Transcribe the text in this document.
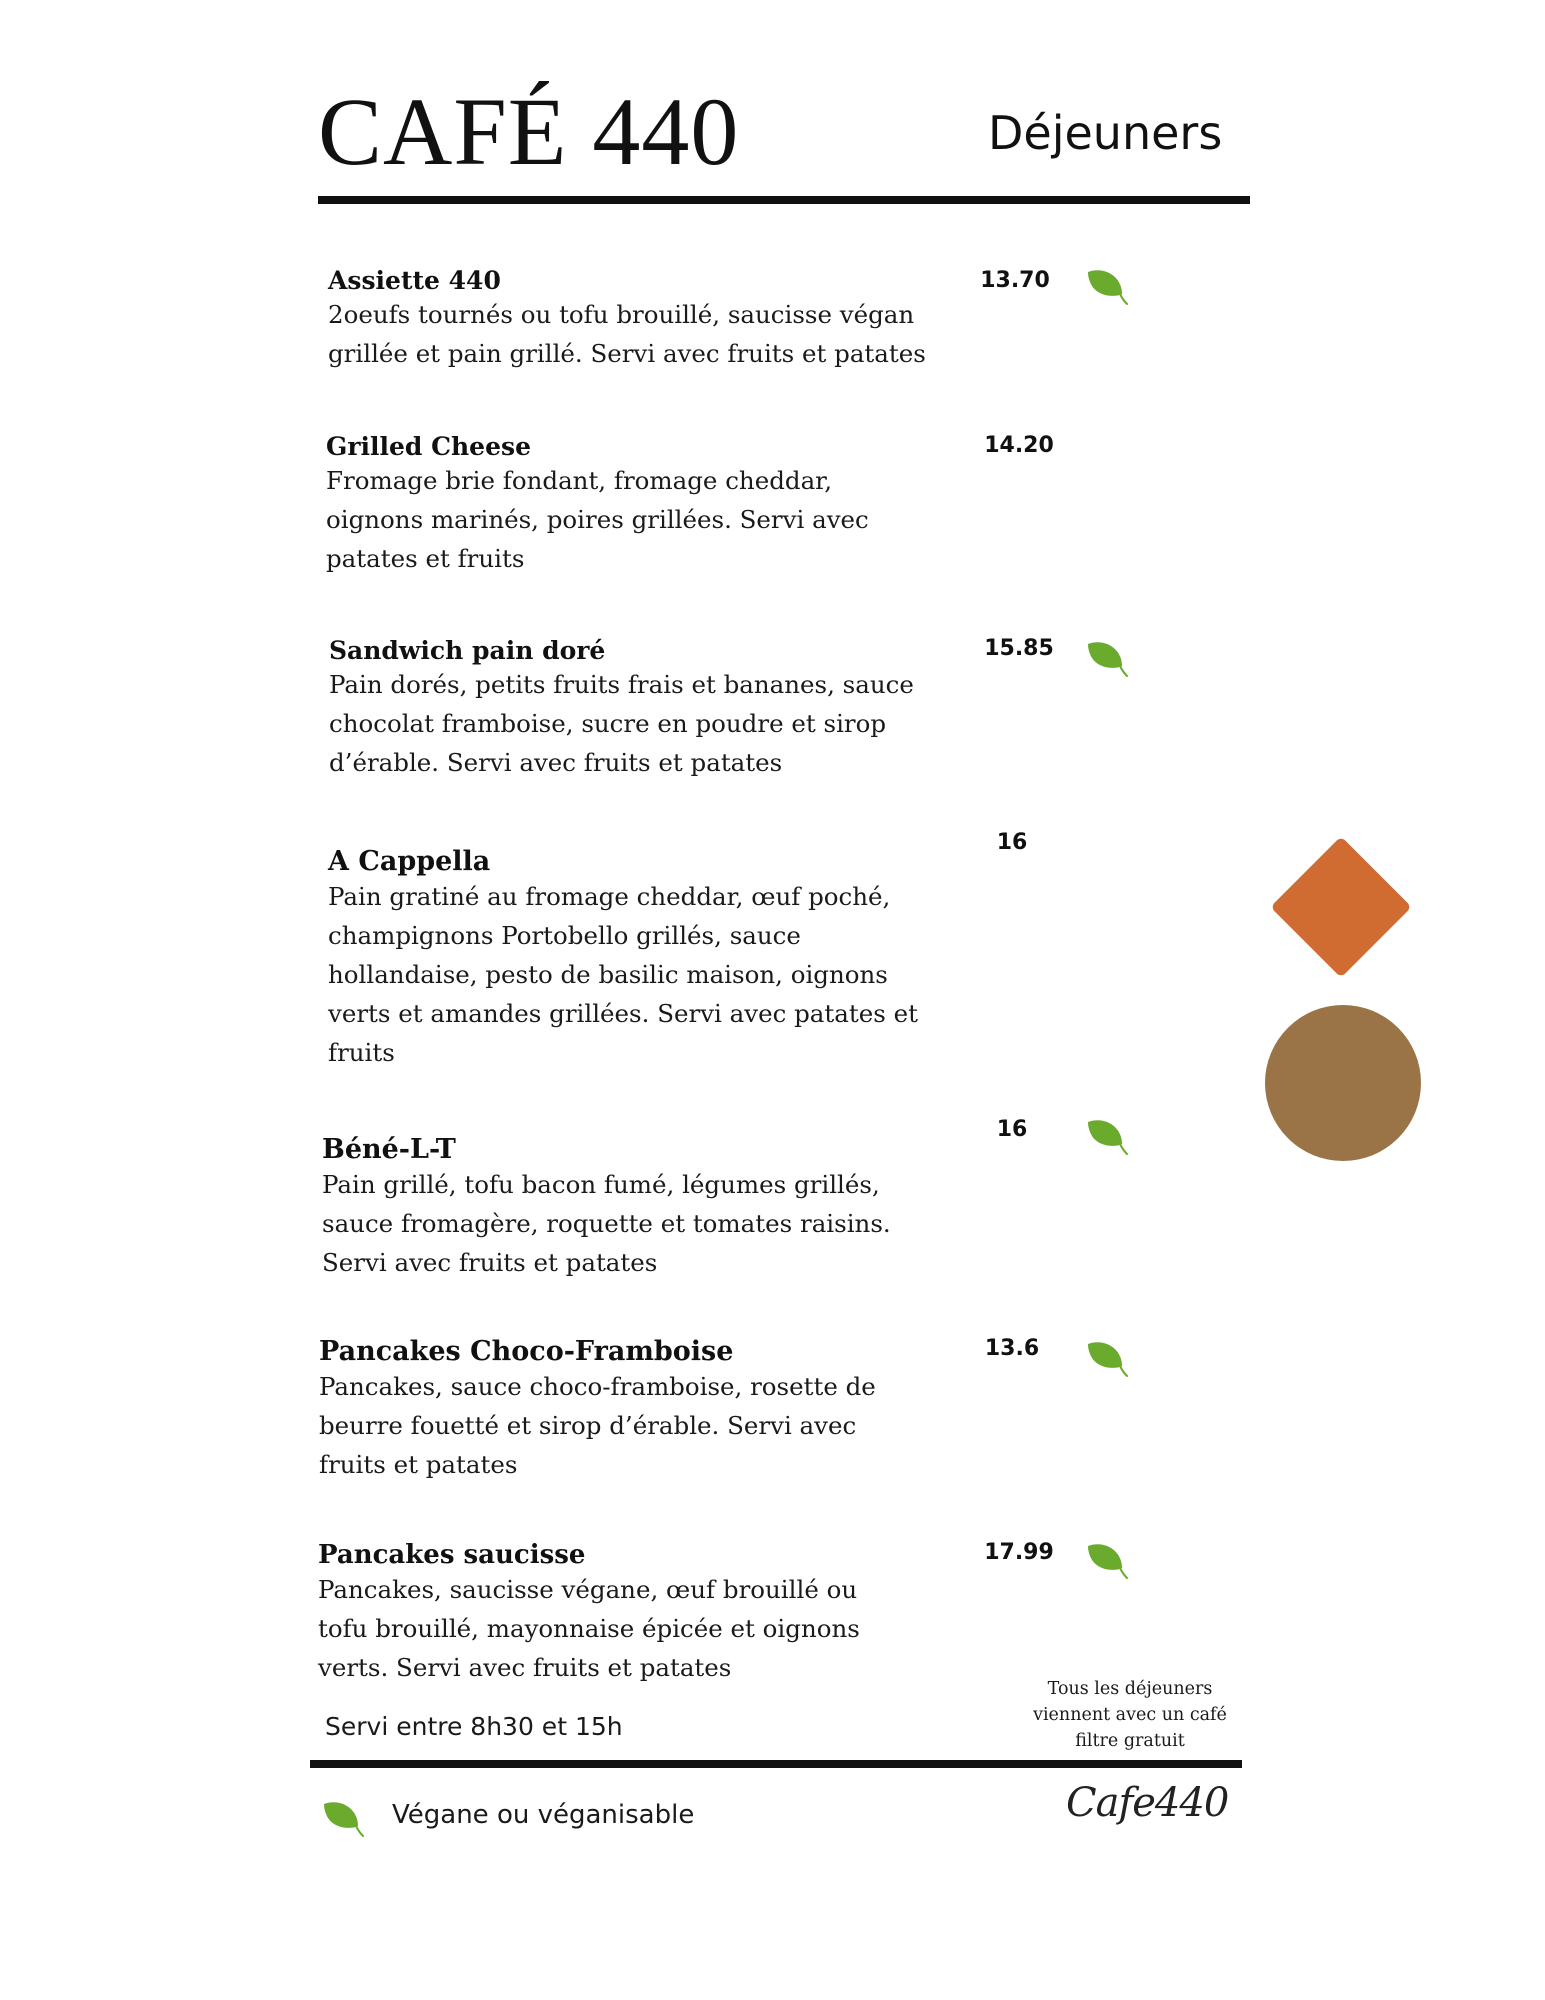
CAFÉ 440	Déjeuners
Assiette 440
2oeufs tournés ou tofu brouillé, saucisse végan grillée et pain grillé. Servi avec fruits et patates
13.70
Grilled Cheese
Fromage brie fondant, fromage cheddar, oignons marinés, poires grillées. Servi avec patates et fruits
14.20
Sandwich pain doré
Pain dorés, petits fruits frais et bananes, sauce chocolat framboise, sucre en poudre et sirop d’érable. Servi avec fruits et patates
15.85
A Cappella
Pain gratiné au fromage cheddar, œuf poché, champignons Portobello grillés, sauce hollandaise, pesto de basilic maison, oignons verts et amandes grillées. Servi avec patates et fruits
16
Béné-L-T
Pain grillé, tofu bacon fumé, légumes grillés, sauce fromagère, roquette et tomates raisins. Servi avec fruits et patates
16
Pancakes Choco-Framboise
Pancakes, sauce choco-framboise, rosette de beurre fouetté et sirop d’érable. Servi avec fruits et patates
13.6
Pancakes saucisse
Pancakes, saucisse végane, œuf brouillé ou tofu brouillé, mayonnaise épicée et oignons verts. Servi avec fruits et patates
17.99
Servi entre 8h30 et 15h
Tous les déjeuners viennent avec un café filtre gratuit
Végane ou véganisable	Cafe440
